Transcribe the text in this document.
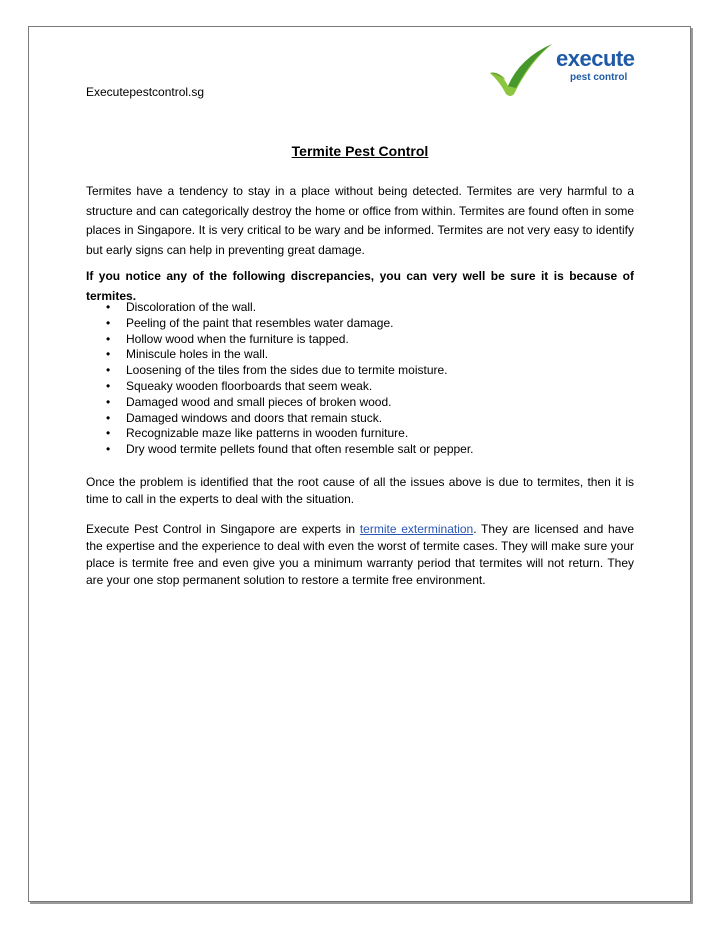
Executepestcontrol.sg
execute
pest control
Termite Pest Control
Termites have a tendency to stay in a place without being detected. Termites are very harmful to a structure and can categorically destroy the home or office from within. Termites are found often in some places in Singapore. It is very critical to be wary and be informed. Termites are not very easy to identify but early signs can help in preventing great damage.
If you notice any of the following discrepancies, you can very well be sure it is because of termites.
• Discoloration of the wall.
• Peeling of the paint that resembles water damage.
• Hollow wood when the furniture is tapped.
• Miniscule holes in the wall.
• Loosening of the tiles from the sides due to termite moisture.
• Squeaky wooden floorboards that seem weak.
• Damaged wood and small pieces of broken wood.
• Damaged windows and doors that remain stuck.
• Recognizable maze like patterns in wooden furniture.
• Dry wood termite pellets found that often resemble salt or pepper.
Once the problem is identified that the root cause of all the issues above is due to termites, then it is time to call in the experts to deal with the situation.
Execute Pest Control in Singapore are experts in termite extermination. They are licensed and have the expertise and the experience to deal with even the worst of termite cases. They will make sure your place is termite free and even give you a minimum warranty period that termites will not return. They are your one stop permanent solution to restore a termite free environment.
